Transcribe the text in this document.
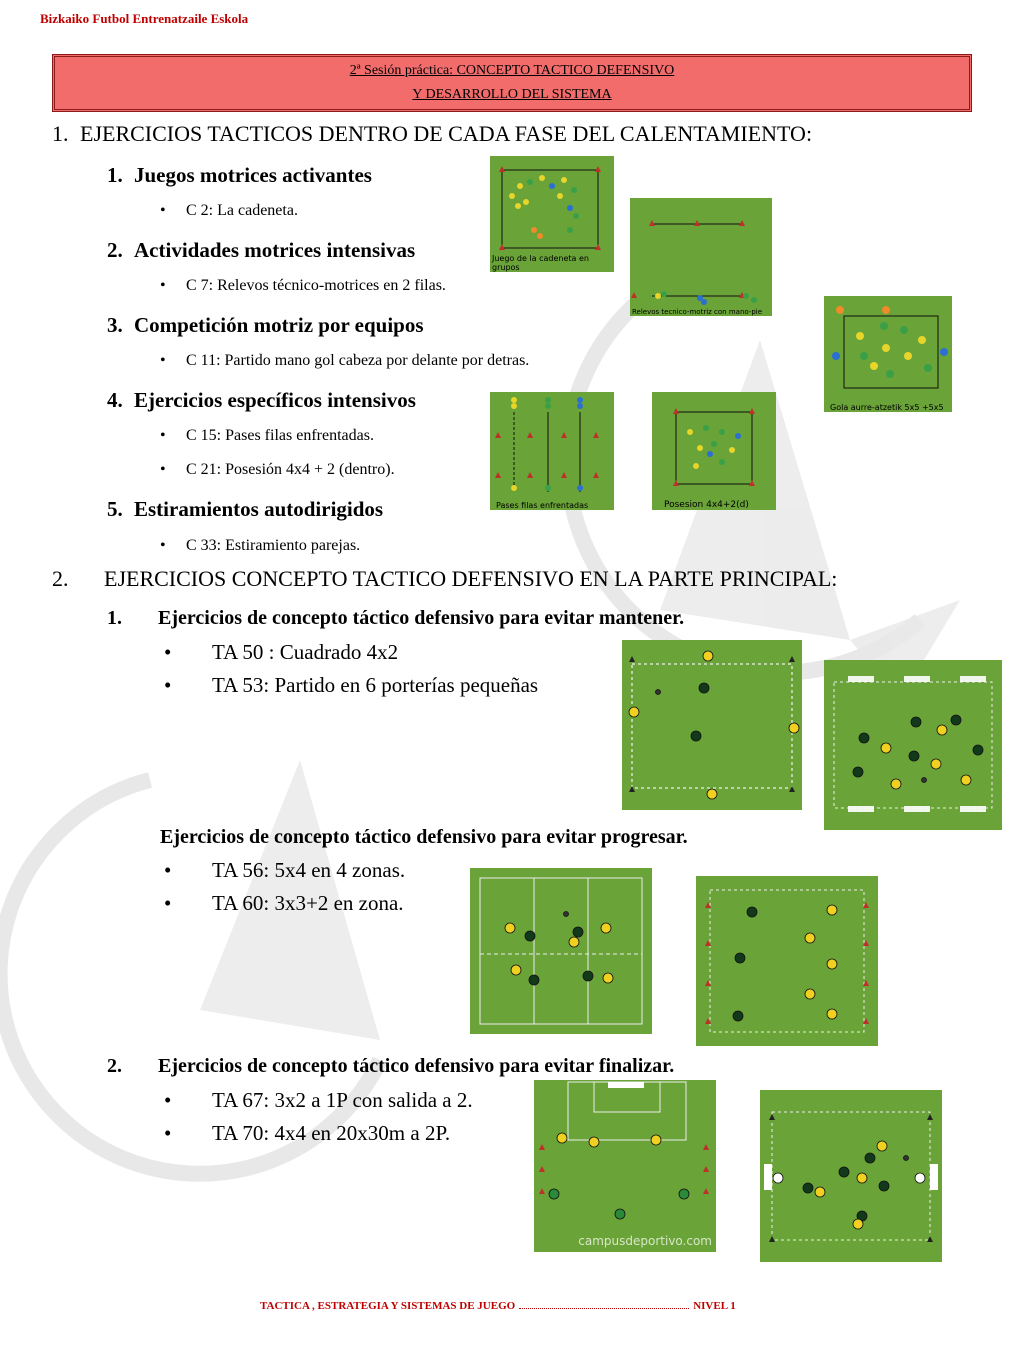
Bizkaiko Futbol Entrenatzaile Eskola
2ª Sesión práctica: CONCEPTO TACTICO DEFENSIVO
Y DESARROLLO DEL SISTEMA
1. EJERCICIOS TACTICOS DENTRO DE CADA FASE DEL CALENTAMIENTO:
1. Juegos motrices activantes
• C 2: La cadeneta.
2. Actividades motrices intensivas
• C 7: Relevos técnico-motrices en 2 filas.
3. Competición motriz por equipos
• C 11: Partido mano gol cabeza por delante por detras.
4. Ejercicios específicos intensivos
• C 15: Pases filas enfrentadas.
• C 21: Posesión 4x4 + 2 (dentro).
5. Estiramientos autodirigidos
• C 33: Estiramiento parejas.
2. EJERCICIOS CONCEPTO TACTICO DEFENSIVO EN LA PARTE PRINCIPAL:
1. Ejercicios de concepto táctico defensivo para evitar mantener.
• TA 50 : Cuadrado 4x2
• TA 53: Partido en 6 porterías pequeñas
Ejercicios de concepto táctico defensivo para evitar progresar.
• TA 56: 5x4 en 4 zonas.
• TA 60: 3x3+2 en zona.
2. Ejercicios de concepto táctico defensivo para evitar finalizar.
• TA 67: 3x2 a 1P con salida a 2.
• TA 70: 4x4 en 20x30m a 2P.
Juego de la cadeneta en grupos
Relevos tecnico-motriz con mano-pie
Gola aurre-atzetik 5x5 +5x5
Pases filas enfrentadas	Posesion 4x4+2(d)
campusdeportivo.com
TACTICA , ESTRATEGIA Y SISTEMAS DE JUEGO	NIVEL 1
